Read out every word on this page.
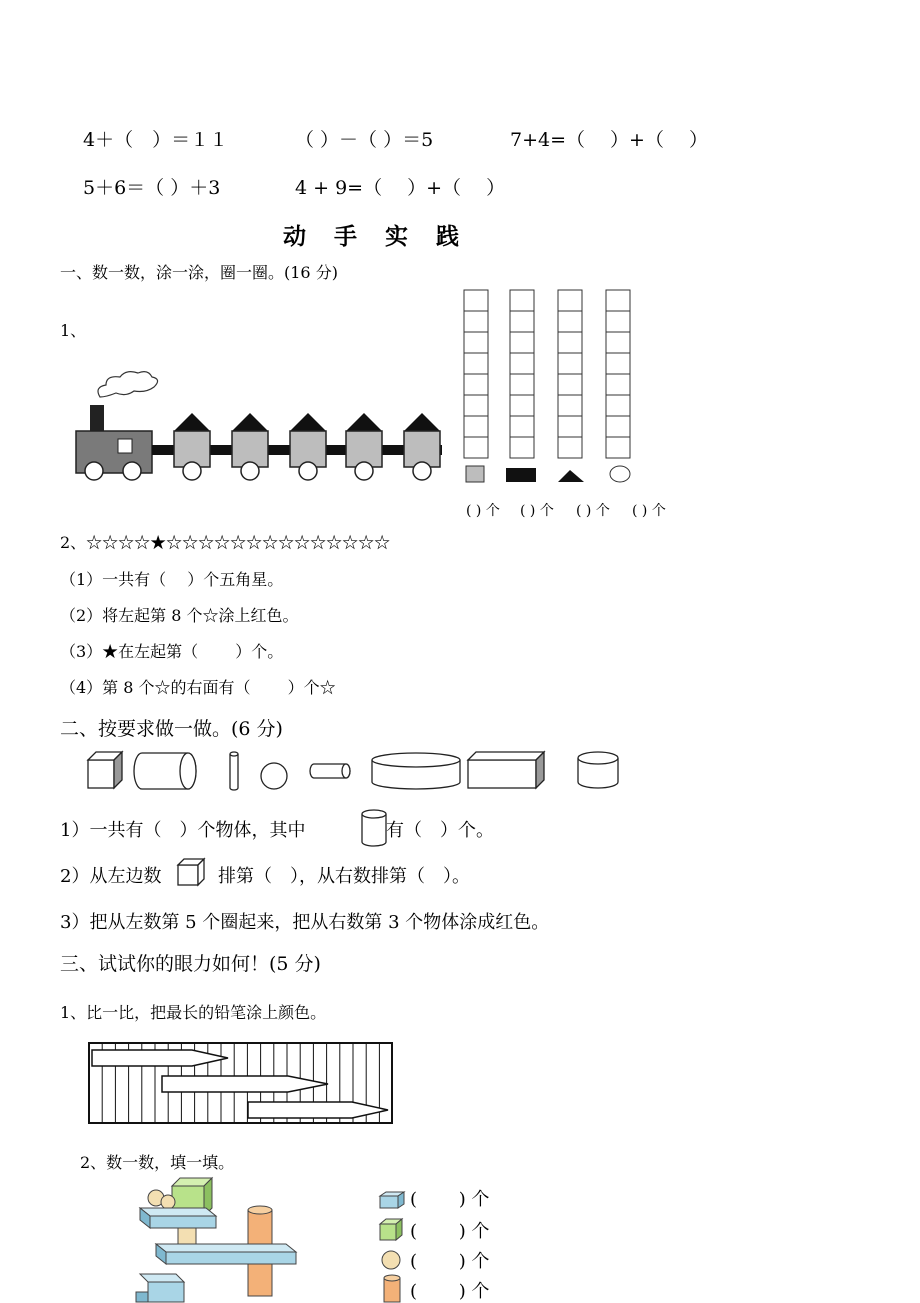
4＋（　）＝１１	（ ）－（ ）＝5	7+4=（　 ）+（　 ）
5＋6＝（ ）＋3	4 + 9=（　 ）+（　 ）
动 手 实 践
一、数一数，涂一涂，圈一圈。(16 分)
1、
( ) 个 ( ) 个 ( ) 个 ( ) 个
2、☆☆☆☆★☆☆☆☆☆☆☆☆☆☆☆☆☆☆
（1）一共有（　 ）个五角星。
（2）将左起第 8 个☆涂上红色。
（3）★在左起第（　　 ）个。
（4）第 8 个☆的右面有（　　 ）个☆
二、按要求做一做。(6 分)
1）一共有（　）个物体，其中	有（　）个。
2）从左边数	排第（　），从右数排第（　）。
3）把从左数第 5 个圈起来，把从右数第 3 个物体涂成红色。
三、试试你的眼力如何！(5 分)
1、比一比，把最长的铅笔涂上颜色。
2、数一数，填一填。
(　　 ) 个
(　　 ) 个
(　　 ) 个
(　　 ) 个
